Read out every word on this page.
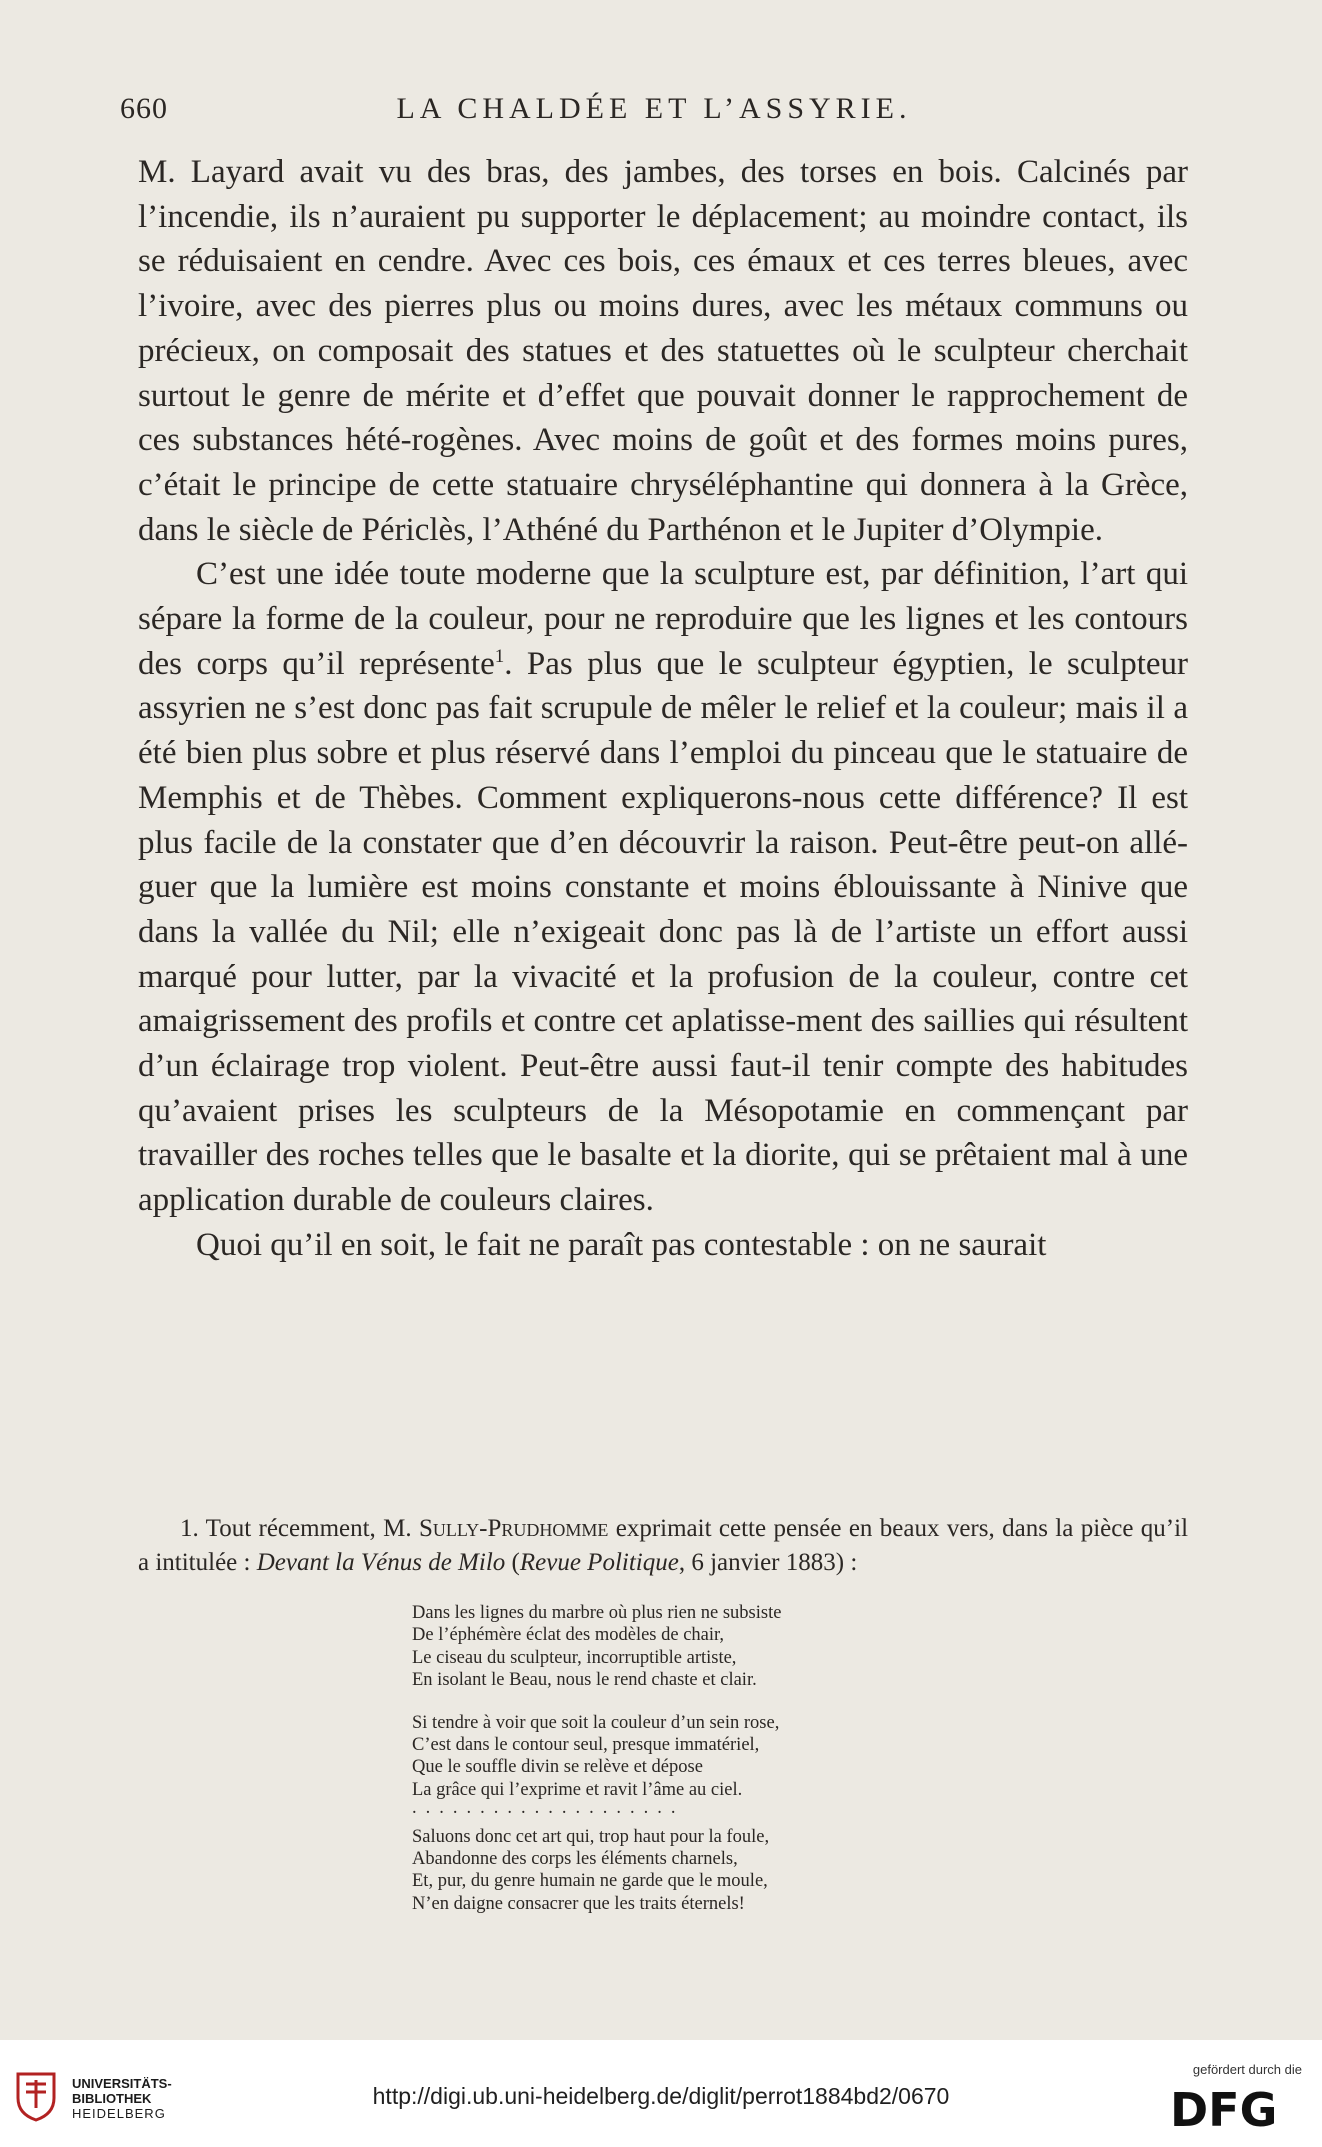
660	LA CHALDÉE ET L’ASSYRIE.

M. Layard avait vu des bras, des jambes, des torses en bois. Calcinés par l’incendie, ils n’auraient pu supporter le déplacement; au moindre contact, ils se réduisaient en cendre. Avec ces bois, ces émaux et ces terres bleues, avec l’ivoire, avec des pierres plus ou moins dures, avec les métaux communs ou précieux, on composait des statues et des statuettes où le sculpteur cherchait surtout le genre de mérite et d’effet que pouvait donner le rapprochement de ces substances hété-rogènes. Avec moins de goût et des formes moins pures, c’était le principe de cette statuaire chryséléphantine qui donnera à la Grèce, dans le siècle de Périclès, l’Athéné du Parthénon et le Jupiter d’Olympie.

C’est une idée toute moderne que la sculpture est, par définition, l’art qui sépare la forme de la couleur, pour ne reproduire que les lignes et les contours des corps qu’il représente$^1$. Pas plus que le sculpteur égyptien, le sculpteur assyrien ne s’est donc pas fait scrupule de mêler le relief et la couleur; mais il a été bien plus sobre et plus réservé dans l’emploi du pinceau que le statuaire de Memphis et de Thèbes. Comment expliquerons-nous cette différence? Il est plus facile de la constater que d’en découvrir la raison. Peut-être peut-on allé-guer que la lumière est moins constante et moins éblouissante à Ninive que dans la vallée du Nil; elle n’exigeait donc pas là de l’artiste un effort aussi marqué pour lutter, par la vivacité et la profusion de la couleur, contre cet amaigrissement des profils et contre cet aplatisse-ment des saillies qui résultent d’un éclairage trop violent. Peut-être aussi faut-il tenir compte des habitudes qu’avaient prises les sculpteurs de la Mésopotamie en commençant par travailler des roches telles que le basalte et la diorite, qui se prêtaient mal à une application durable de couleurs claires.

Quoi qu’il en soit, le fait ne paraît pas contestable : on ne saurait

1. Tout récemment, M. Sully-Prudhomme exprimait cette pensée en beaux vers, dans la pièce qu’il a intitulée : Devant la Vénus de Milo (Revue Politique, 6 janvier 1883) :

Dans les lignes du marbre où plus rien ne subsiste
De l’éphémère éclat des modèles de chair,
Le ciseau du sculpteur, incorruptible artiste,
En isolant le Beau, nous le rend chaste et clair.
Si tendre à voir que soit la couleur d’un sein rose,
C’est dans le contour seul, presque immatériel,
Que le souffle divin se relève et dépose
La grâce qui l’exprime et ravit l’âme au ciel.
....................
Saluons donc cet art qui, trop haut pour la foule,
Abandonne des corps les éléments charnels,
Et, pur, du genre humain ne garde que le moule,
N’en daigne consacrer que les traits éternels!
UNIVERSITÄTS-
BIBLIOTHEK
HEIDELBERG
http://digi.ub.uni-heidelberg.de/diglit/perrot1884bd2/0670
gefördert durch die
DFG
